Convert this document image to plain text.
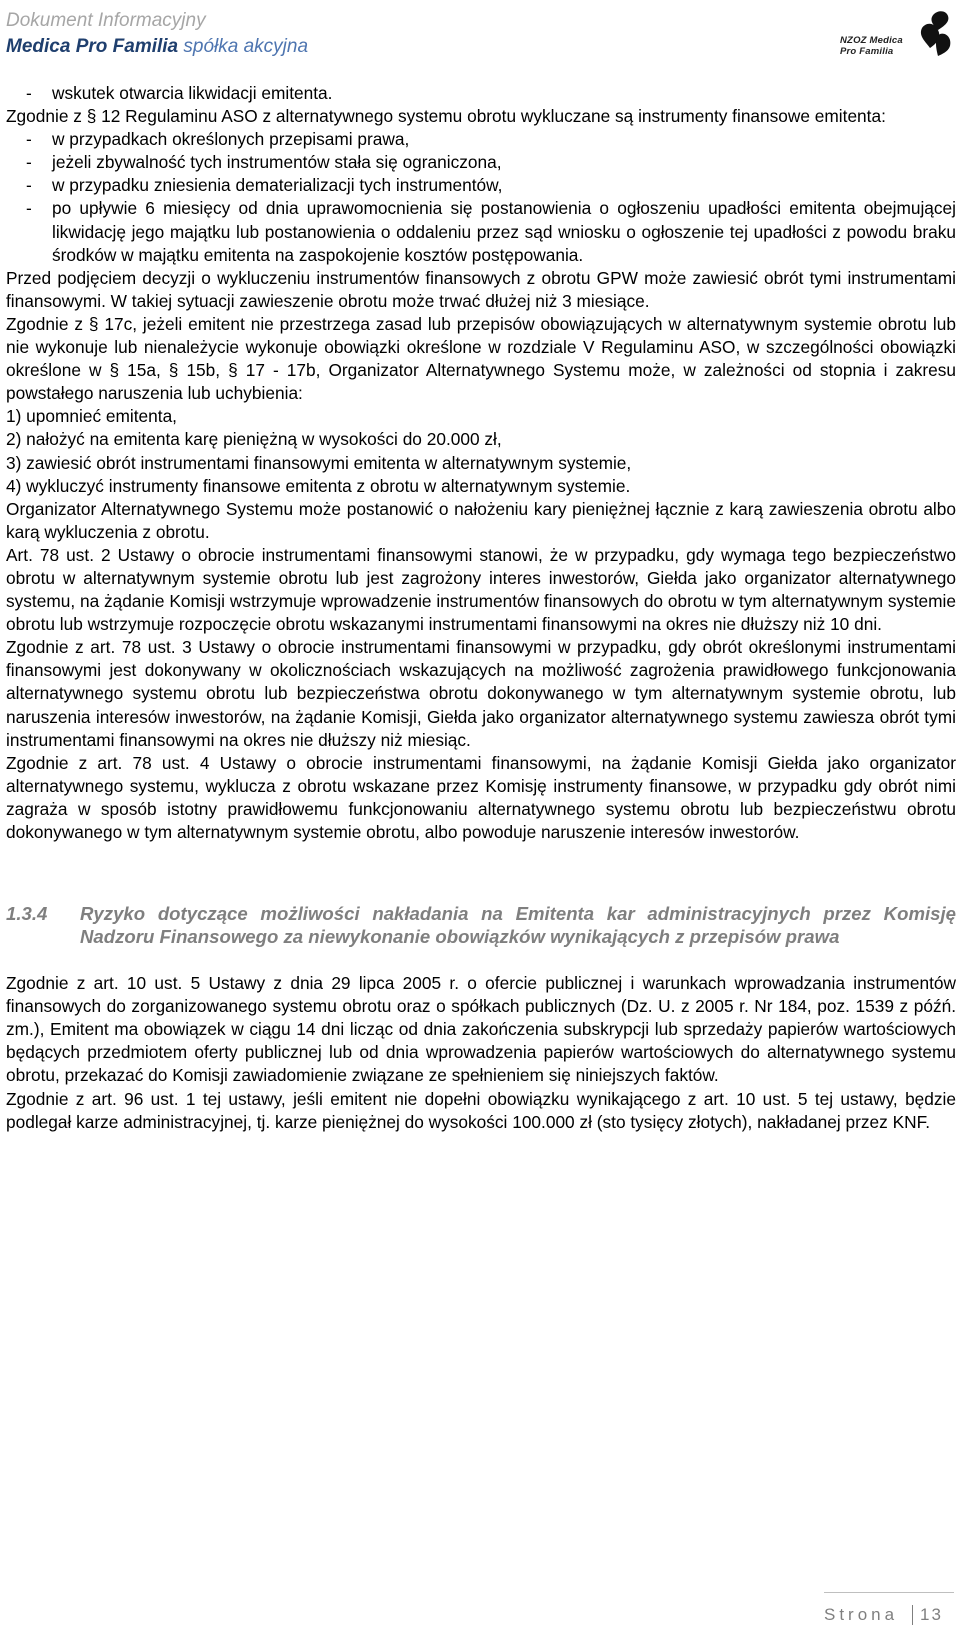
Dokument Informacyjny
Medica Pro Familia spółka akcyjna	NZOZ Medica
Pro Familia
- wskutek otwarcia likwidacji emitenta.
Zgodnie z § 12 Regulaminu ASO z alternatywnego systemu obrotu wykluczane są instrumenty finansowe emitenta:
- w przypadkach określonych przepisami prawa,
- jeżeli zbywalność tych instrumentów stała się ograniczona,
- w przypadku zniesienia dematerializacji tych instrumentów,
- po upływie 6 miesięcy od dnia uprawomocnienia się postanowienia o ogłoszeniu upadłości emitenta obejmującej likwidację jego majątku lub postanowienia o oddaleniu przez sąd wniosku o ogłoszenie tej upadłości z powodu braku środków w majątku emitenta na zaspokojenie kosztów postępowania.
Przed podjęciem decyzji o wykluczeniu instrumentów finansowych z obrotu GPW może zawiesić obrót tymi instrumentami finansowymi. W takiej sytuacji zawieszenie obrotu może trwać dłużej niż 3 miesiące.
Zgodnie z § 17c, jeżeli emitent nie przestrzega zasad lub przepisów obowiązujących w alternatywnym systemie obrotu lub nie wykonuje lub nienależycie wykonuje obowiązki określone w rozdziale V Regulaminu ASO, w szczególności obowiązki określone w § 15a, § 15b, § 17 - 17b, Organizator Alternatywnego Systemu może, w zależności od stopnia i zakresu powstałego naruszenia lub uchybienia:
1) upomnieć emitenta,
2) nałożyć na emitenta karę pieniężną w wysokości do 20.000 zł,
3) zawiesić obrót instrumentami finansowymi emitenta w alternatywnym systemie,
4) wykluczyć instrumenty finansowe emitenta z obrotu w alternatywnym systemie.
Organizator Alternatywnego Systemu może postanowić o nałożeniu kary pieniężnej łącznie z karą zawieszenia obrotu albo karą wykluczenia z obrotu.
Art. 78 ust. 2 Ustawy o obrocie instrumentami finansowymi stanowi, że w przypadku, gdy wymaga tego bezpieczeństwo obrotu w alternatywnym systemie obrotu lub jest zagrożony interes inwestorów, Giełda jako organizator alternatywnego systemu, na żądanie Komisji wstrzymuje wprowadzenie instrumentów finansowych do obrotu w tym alternatywnym systemie obrotu lub wstrzymuje rozpoczęcie obrotu wskazanymi instrumentami finansowymi na okres nie dłuższy niż 10 dni.
Zgodnie z art. 78 ust. 3 Ustawy o obrocie instrumentami finansowymi w przypadku, gdy obrót określonymi instrumentami finansowymi jest dokonywany w okolicznościach wskazujących na możliwość zagrożenia prawidłowego funkcjonowania alternatywnego systemu obrotu lub bezpieczeństwa obrotu dokonywanego w tym alternatywnym systemie obrotu, lub naruszenia interesów inwestorów, na żądanie Komisji, Giełda jako organizator alternatywnego systemu zawiesza obrót tymi instrumentami finansowymi na okres nie dłuższy niż miesiąc.
Zgodnie z art. 78 ust. 4 Ustawy o obrocie instrumentami finansowymi, na żądanie Komisji Giełda jako organizator alternatywnego systemu, wyklucza z obrotu wskazane przez Komisję instrumenty finansowe, w przypadku gdy obrót nimi zagraża w sposób istotny prawidłowemu funkcjonowaniu alternatywnego systemu obrotu lub bezpieczeństwu obrotu dokonywanego w tym alternatywnym systemie obrotu, albo powoduje naruszenie interesów inwestorów.
1.3.4 Ryzyko dotyczące możliwości nakładania na Emitenta kar administracyjnych przez Komisję Nadzoru Finansowego za niewykonanie obowiązków wynikających z przepisów prawa
Zgodnie z art. 10 ust. 5 Ustawy z dnia 29 lipca 2005 r. o ofercie publicznej i warunkach wprowadzania instrumentów finansowych do zorganizowanego systemu obrotu oraz o spółkach publicznych (Dz. U. z 2005 r. Nr 184, poz. 1539 z późń. zm.), Emitent ma obowiązek w ciągu 14 dni licząc od dnia zakończenia subskrypcji lub sprzedaży papierów wartościowych będących przedmiotem oferty publicznej lub od dnia wprowadzenia papierów wartościowych do alternatywnego systemu obrotu, przekazać do Komisji zawiadomienie związane ze spełnieniem się niniejszych faktów.
Zgodnie z art. 96 ust. 1 tej ustawy, jeśli emitent nie dopełni obowiązku wynikającego z art. 10 ust. 5 tej ustawy, będzie podlegał karze administracyjnej, tj. karze pieniężnej do wysokości 100.000 zł (sto tysięcy złotych), nakładanej przez KNF.
Strona 13
